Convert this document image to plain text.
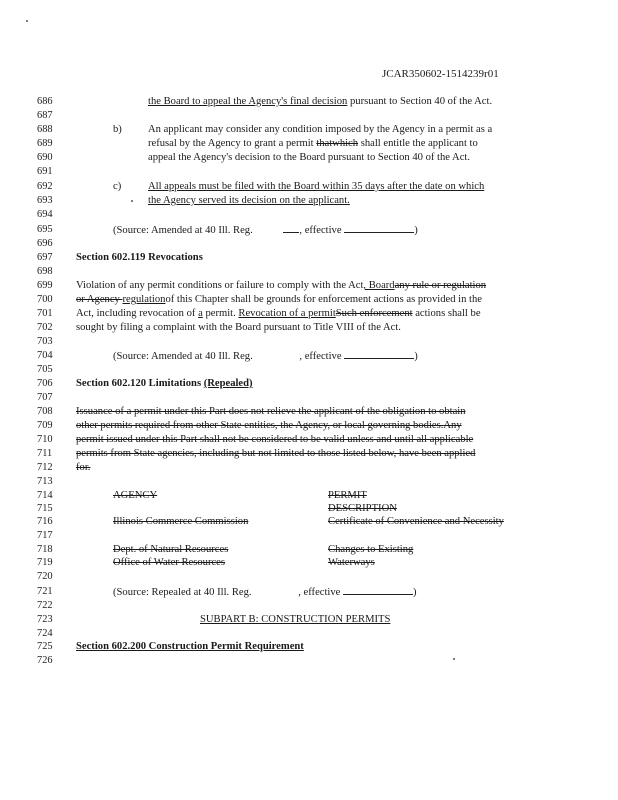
JCAR350602-1514239r01
686
687
688
689
690
691
692
693
694
695
696
697
698
699
700
701
702
703
704
705
706
707
708
709
710
711
712
713
714
715
716
717
718
719
720
721
722
723
724
725
726
the Board to appeal the Agency's final decision pursuant to Section 40 of the Act.
b) An applicant may consider any condition imposed by the Agency in a permit as a
refusal by the Agency to grant a permit thatwhich shall entitle the applicant to
appeal the Agency's decision to the Board pursuant to Section 40 of the Act.
c)	All appeals must be filed with the Board within 35 days after the date on which
the Agency served its decision on the applicant.
(Source: Amended at 40 Ill. Reg.	, effective	)
Section 602.119 Revocations
Violation of any permit conditions or failure to comply with the Act, Boardany rule or regulation
or Agency regulationof this Chapter shall be grounds for enforcement actions as provided in the
Act, including revocation of a permit. Revocation of a permitSuch enforcement actions shall be
sought by filing a complaint with the Board pursuant to Title VIII of the Act.
(Source: Amended at 40 Ill. Reg.	, effective	)
Section 602.120 Limitations (Repealed)
Issuance of a permit under this Part does not relieve the applicant of the obligation to obtain
other permits required from other State entities, the Agency, or local governing bodies.Any
permit issued under this Part shall not be considered to be valid unless and until all applicable
permits from State agencies, including but not limited to those listed below, have been applied
for.
AGENCY	PERMIT
DESCRIPTION
Illinois Commerce Commission	Certificate of Convenience and Necessity
Dept. of Natural Resources	Changes to Existing
Office of Water Resources	Waterways
(Source: Repealed at 40 Ill. Reg.	, effective	)
SUBPART B: CONSTRUCTION PERMITS
Section 602.200 Construction Permit Requirement
